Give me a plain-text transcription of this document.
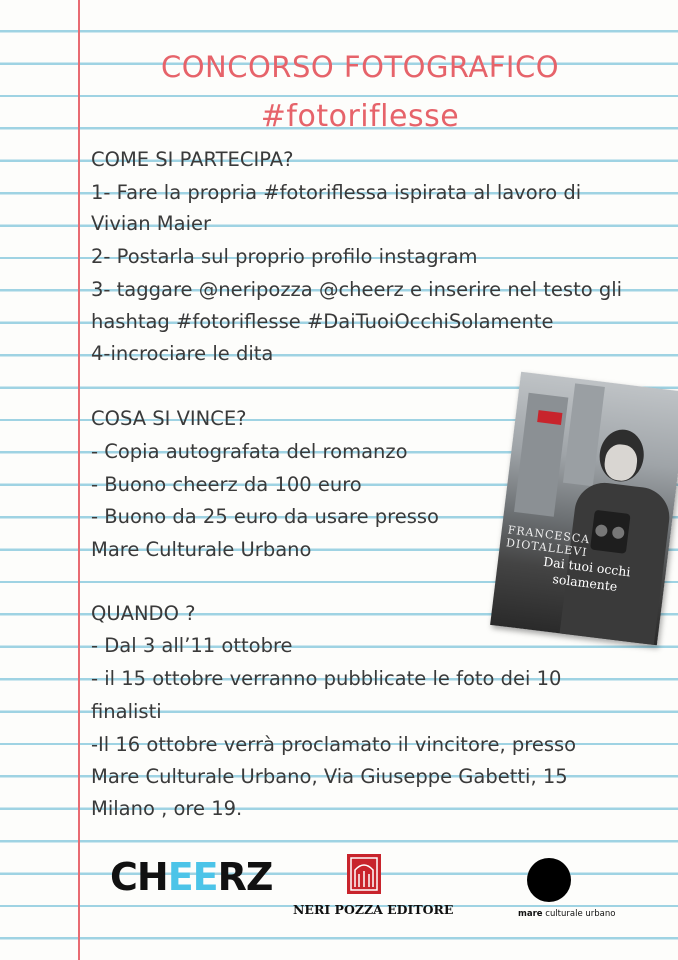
CONCORSO FOTOGRAFICO
#fotoriflesse
COME SI PARTECIPA?
1- Fare la propria #fotoriflessa ispirata al lavoro di
Vivian Maier
2- Postarla sul proprio profilo instagram
3- taggare @neripozza @cheerz e inserire nel testo gli
hashtag #fotoriflesse #DaiTuoiOcchiSolamente
4-incrociare le dita
COSA SI VINCE?
- Copia autografata del romanzo
- Buono cheerz da 100 euro
- Buono da 25 euro da usare presso
Mare Culturale Urbano
QUANDO ?
- Dal 3 all’11 ottobre
- il 15 ottobre verranno pubblicate le foto dei 10
finalisti
-Il 16 ottobre verrà proclamato il vincitore, presso
Mare Culturale Urbano, Via Giuseppe Gabetti, 15
Milano , ore 19.
FRANCESCA DIOTALLEVI
Dai tuoi occhi solamente
CHEERZ
NERI POZZA EDITORE	mare culturale urbano
